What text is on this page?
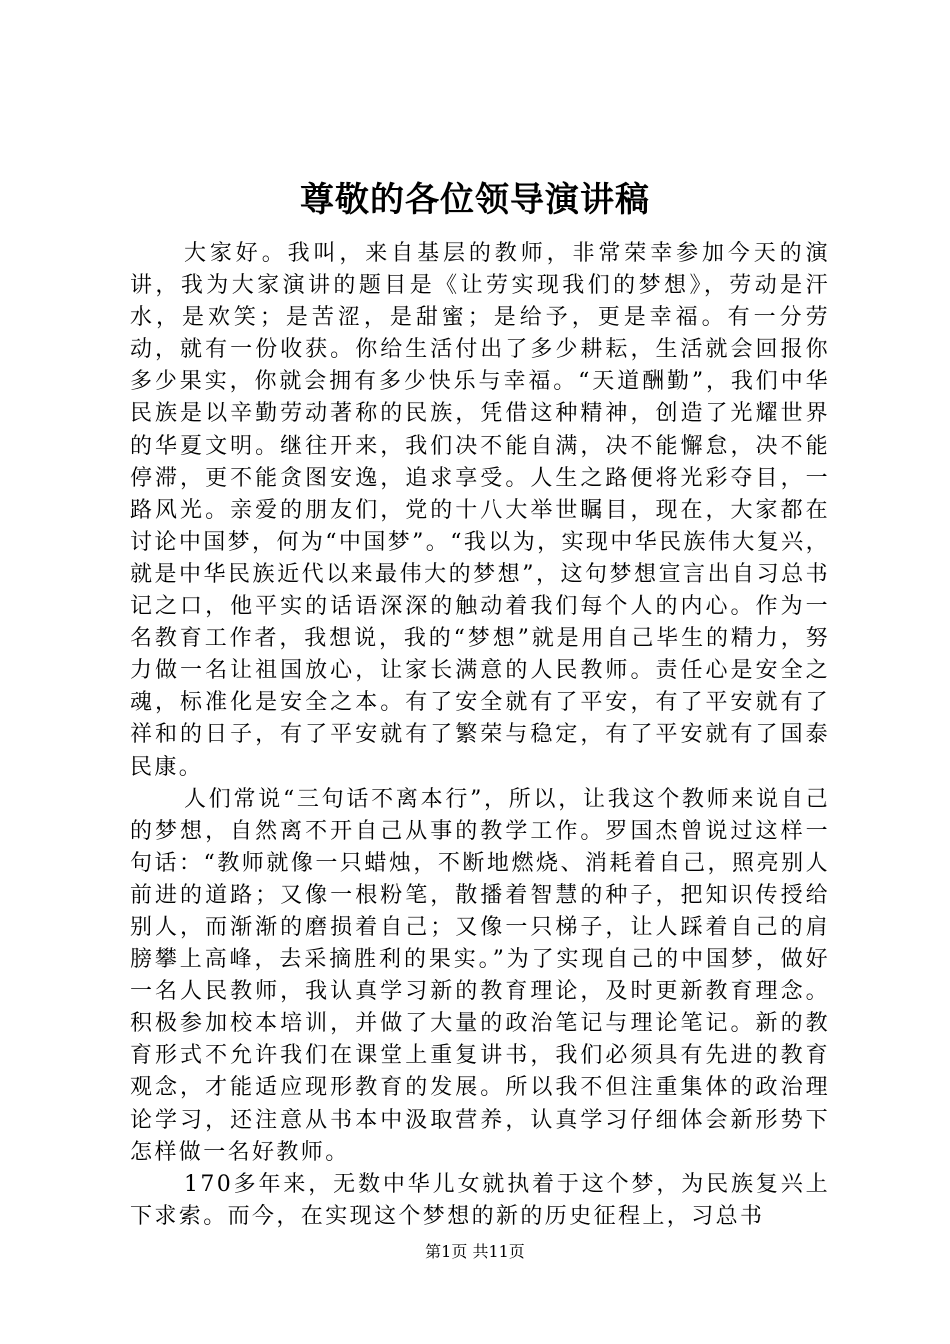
尊敬的各位领导演讲稿

大家好。我叫，来自基层的教师，非常荣幸参加今天的演讲，我为大家演讲的题目是《让劳实现我们的梦想》，劳动是汗水，是欢笑；是苦涩，是甜蜜；是给予，更是幸福。有一分劳动，就有一份收获。你给生活付出了多少耕耘，生活就会回报你多少果实，你就会拥有多少快乐与幸福。“天道酬勤”，我们中华民族是以辛勤劳动著称的民族，凭借这种精神，创造了光耀世界的华夏文明。继往开来，我们决不能自满，决不能懈怠，决不能停滞，更不能贪图安逸，追求享受。人生之路便将光彩夺目，一路风光。亲爱的朋友们，党的十八大举世瞩目，现在，大家都在讨论中国梦，何为“中国梦”。“我以为，实现中华民族伟大复兴，就是中华民族近代以来最伟大的梦想”，这句梦想宣言出自习总书记之口，他平实的话语深深的触动着我们每个人的内心。作为一名教育工作者，我想说，我的“梦想”就是用自己毕生的精力，努力做一名让祖国放心，让家长满意的人民教师。责任心是安全之魂，标准化是安全之本。有了安全就有了平安，有了平安就有了祥和的日子，有了平安就有了繁荣与稳定，有了平安就有了国泰民康。

人们常说“三句话不离本行”，所以，让我这个教师来说自己的梦想，自然离不开自己从事的教学工作。罗国杰曾说过这样一句话：“教师就像一只蜡烛，不断地燃烧、消耗着自己，照亮别人前进的道路；又像一根粉笔，散播着智慧的种子，把知识传授给别人，而渐渐的磨损着自己；又像一只梯子，让人踩着自己的肩膀攀上高峰，去采摘胜利的果实。”为了实现自己的中国梦，做好一名人民教师，我认真学习新的教育理论，及时更新教育理念。积极参加校本培训，并做了大量的政治笔记与理论笔记。新的教育形式不允许我们在课堂上重复讲书，我们必须具有先进的教育观念，才能适应现形教育的发展。所以我不但注重集体的政治理论学习，还注意从书本中汲取营养，认真学习仔细体会新形势下怎样做一名好教师。

170多年来，无数中华儿女就执着于这个梦，为民族复兴上下求索。而今，在实现这个梦想的新的历史征程上，习总书

第1页 共11页
